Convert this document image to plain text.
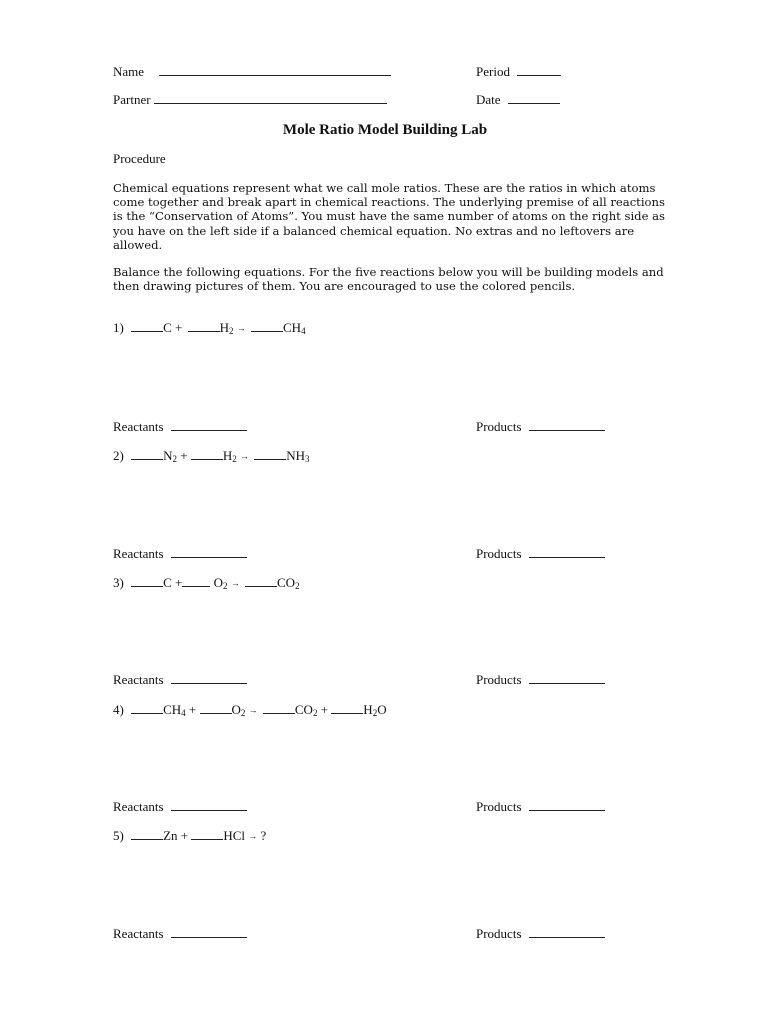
Name	Period
Partner	Date
Mole Ratio Model Building Lab
Procedure
Chemical equations represent what we call mole ratios. These are the ratios in which atoms come together and break apart in chemical reactions. The underlying premise of all reactions is the “Conservation of Atoms”. You must have the same number of atoms on the right side as you have on the left side if a balanced chemical equation. No extras and no leftovers are allowed.
Balance the following equations. For the five reactions below you will be building models and then drawing pictures of them. You are encouraged to use the colored pencils.
1)	C +	$H_2$ →	$CH_4$
Reactants	Products
2)	$N_2$ +	$H_2$ →	$NH_3$
Reactants	Products
3)	$C + O_2$ →	$CO_2$
Reactants	Products
4)	$CH_4$ +	$O_2$ →	$CO_2$ +	$H_2O$
Reactants	Products
5)	Zn +	HCl → ?
Reactants	Products
